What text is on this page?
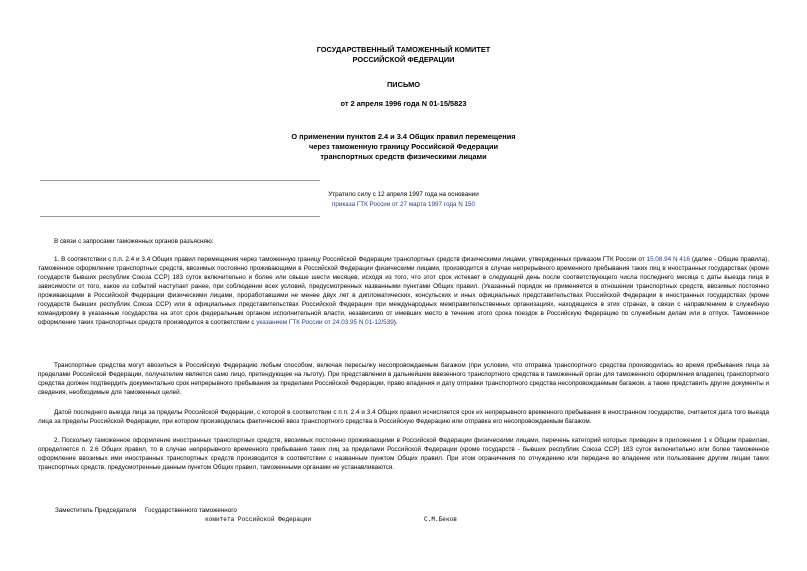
ГОСУДАРСТВЕННЫЙ ТАМОЖЕННЫЙ КОМИТЕТ
РОССИЙСКОЙ ФЕДЕРАЦИИ
ПИСЬМО
от 2 апреля 1996 года N 01-15/5823
О применении пунктов 2.4 и 3.4 Общих правил перемещения
через таможенную границу Российской Федерации
транспортных средств физическими лицами
Утратило силу с 12 апреля 1997 года на основании
приказа ГТК России от 27 марта 1997 года N 150

В связи с запросами таможенных органов разъясняю:

1. В соответствии с п.п. 2.4 и 3.4 Общих правил перемещения через таможенную границу Российской Федерации транспортных средств физическими лицами, утвержденных приказом ГТК России от 15.08.94 N 416 (далее - Общие правила), таможенное оформление транспортных средств, ввозимых постоянно проживающими в Российской Федерации физическими лицами, производится в случае непрерывного временного пребывания таких лиц в иностранных государствах (кроме государств бывших республик Союза ССР) 183 суток включительно и более или свыше шести месяцев, исходя из того, что этот срок истекает в следующий день после соответствующего числа последнего месяца с даты выезда лица в зависимости от того, какое из событий наступает ранее, при соблюдении всех условий, предусмотренных названными пунктами Общих правил. (Указанный порядок не применяется в отношении транспортных средств, ввозимых постоянно проживающими в Российской Федерации физическими лицами, проработавшими не менее двух лет в дипломатических, консульских и иных официальных представительствах Российской Федерации в иностранных государствах (кроме государств бывших республик Союза ССР) или в официальных представительствах Российской Федерации при международных межправительственных организациях, находящихся в этих странах, в связи с направлением в служебную командировку в указанные государства на этот срок федеральным органом исполнительной власти, независимо от имевших место в течение этого срока поездок в Российскую Федерацию по служебным делам или в отпуск. Таможенное оформление таких транспортных средств производится в соответствии с указанием ГТК России от 24.03.95 N 01-12/539).

Транспортные средства могут ввозиться в Российскую Федерацию любым способом, включая пересылку несопровождаемым багажом (при условии, что отправка транспортного средства производилась во время пребывания лица за пределами Российской Федерации, получателем является само лицо, претендующее на льготу). При представлении в дальнейшем ввезенного транспортного средства в таможенный орган для таможенного оформления владелец транспортного средства должен подтвердить документально срок непрерывного пребывания за пределами Российской Федерации, право владения и дату отправки транспортного средства несопровождаемым багажом, а также представить другие документы и сведения, необходимые для таможенных целей.

Датой последнего выезда лица за пределы Российской Федерации, с которой в соответствии с п.п. 2.4 и 3.4 Общих правил исчисляется срок их непрерывного временного пребывания в иностранном государстве, считается дата того выезда лица за пределы Российской Федерации, при котором производилась фактический ввоз транспортного средства в Российскую Федерацию или отправка его несопровождаемым багажом.

2. Поскольку таможенное оформление иностранных транспортных средств, ввозимых постоянно проживающими в Российской Федерации физическими лицами, перечень категорий которых приведен в приложении 1 к Общим правилам, определяется п. 2.6 Общих правил, то в случае непрерывного временного пребывания таких лиц за пределами Российской Федерации (кроме государств - бывших республик Союза ССР) 183 суток включительно или более таможенное оформление ввозимых ими иностранных транспортных средств производится в соответствии с названным пунктом Общих правил. При этом ограничения по отчуждению или передаче во владение или пользование другим лицам таких транспортных средств, предусмотренные данным пунктом Общих правил, таможенными органами не устанавливаются.

Заместитель Председателя     Государственного таможенного
комитета Российской Федерации	С.М.Беков
